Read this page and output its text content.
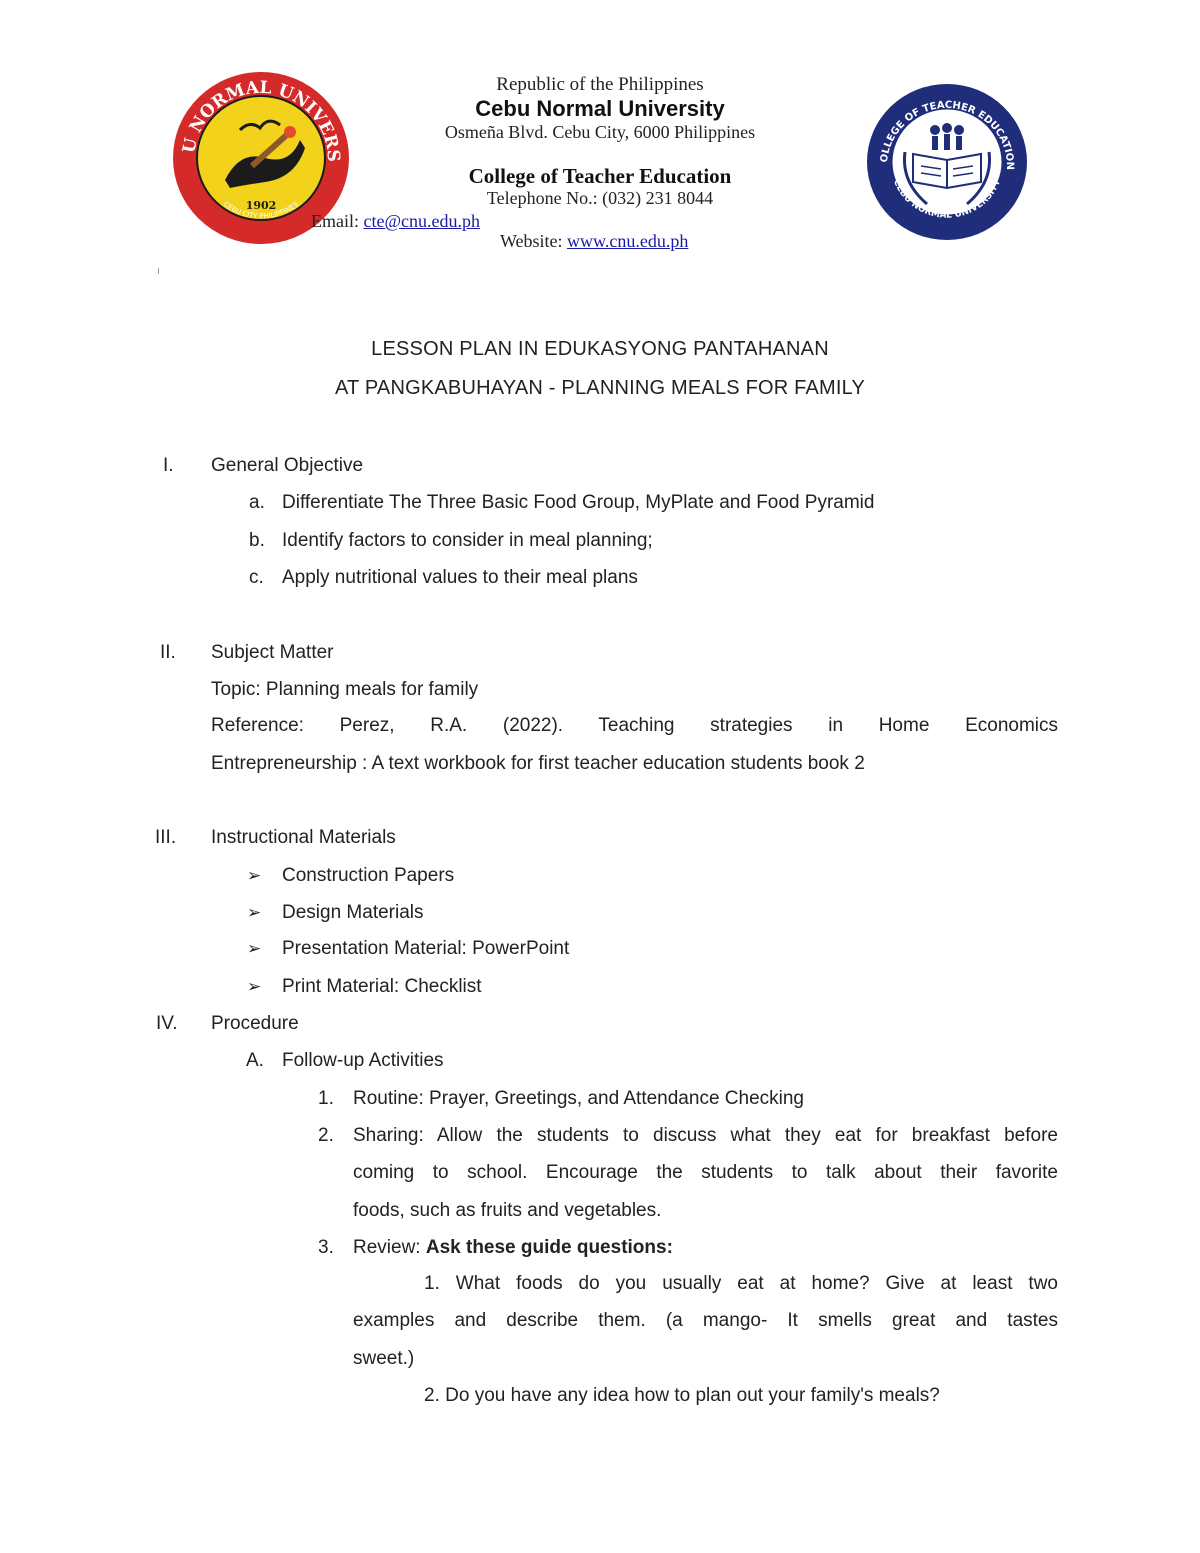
U NORMAL UNIVERS
1902
CEBU CITY PHILIPPINES
Republic of the Philippines
Cebu Normal University
Osmeña Blvd. Cebu City, 6000 Philippines
College of Teacher Education
Telephone No.: (032) 231 8044
Email: cte@cnu.edu.ph
Website: www.cnu.edu.ph
OLLEGE OF TEACHER EDUCATION
CEBU NORMAL UNIVERSITY
LESSON PLAN IN EDUKASYONG PANTAHANAN
AT PANGKABUHAYAN - PLANNING MEALS FOR FAMILY
I. General Objective
a. Differentiate The Three Basic Food Group, MyPlate and Food Pyramid
b. Identify factors to consider in meal planning;
c. Apply nutritional values to their meal plans
II. Subject Matter
Topic: Planning meals for family
Reference: Perez, R.A. (2022). Teaching strategies in Home Economics
Entrepreneurship : A text workbook for first teacher education students book 2
III. Instructional Materials
➢ Construction Papers
➢ Design Materials
➢ Presentation Material: PowerPoint
➢ Print Material: Checklist
IV. Procedure
A. Follow-up Activities
1. Routine: Prayer, Greetings, and Attendance Checking
2. Sharing: Allow the students to discuss what they eat for breakfast before
coming to school. Encourage the students to talk about their favorite
foods, such as fruits and vegetables.
3. Review: Ask these guide questions:
1. What foods do you usually eat at home? Give at least two
examples and describe them. (a mango- It smells great and tastes
sweet.)
2. Do you have any idea how to plan out your family's meals?
